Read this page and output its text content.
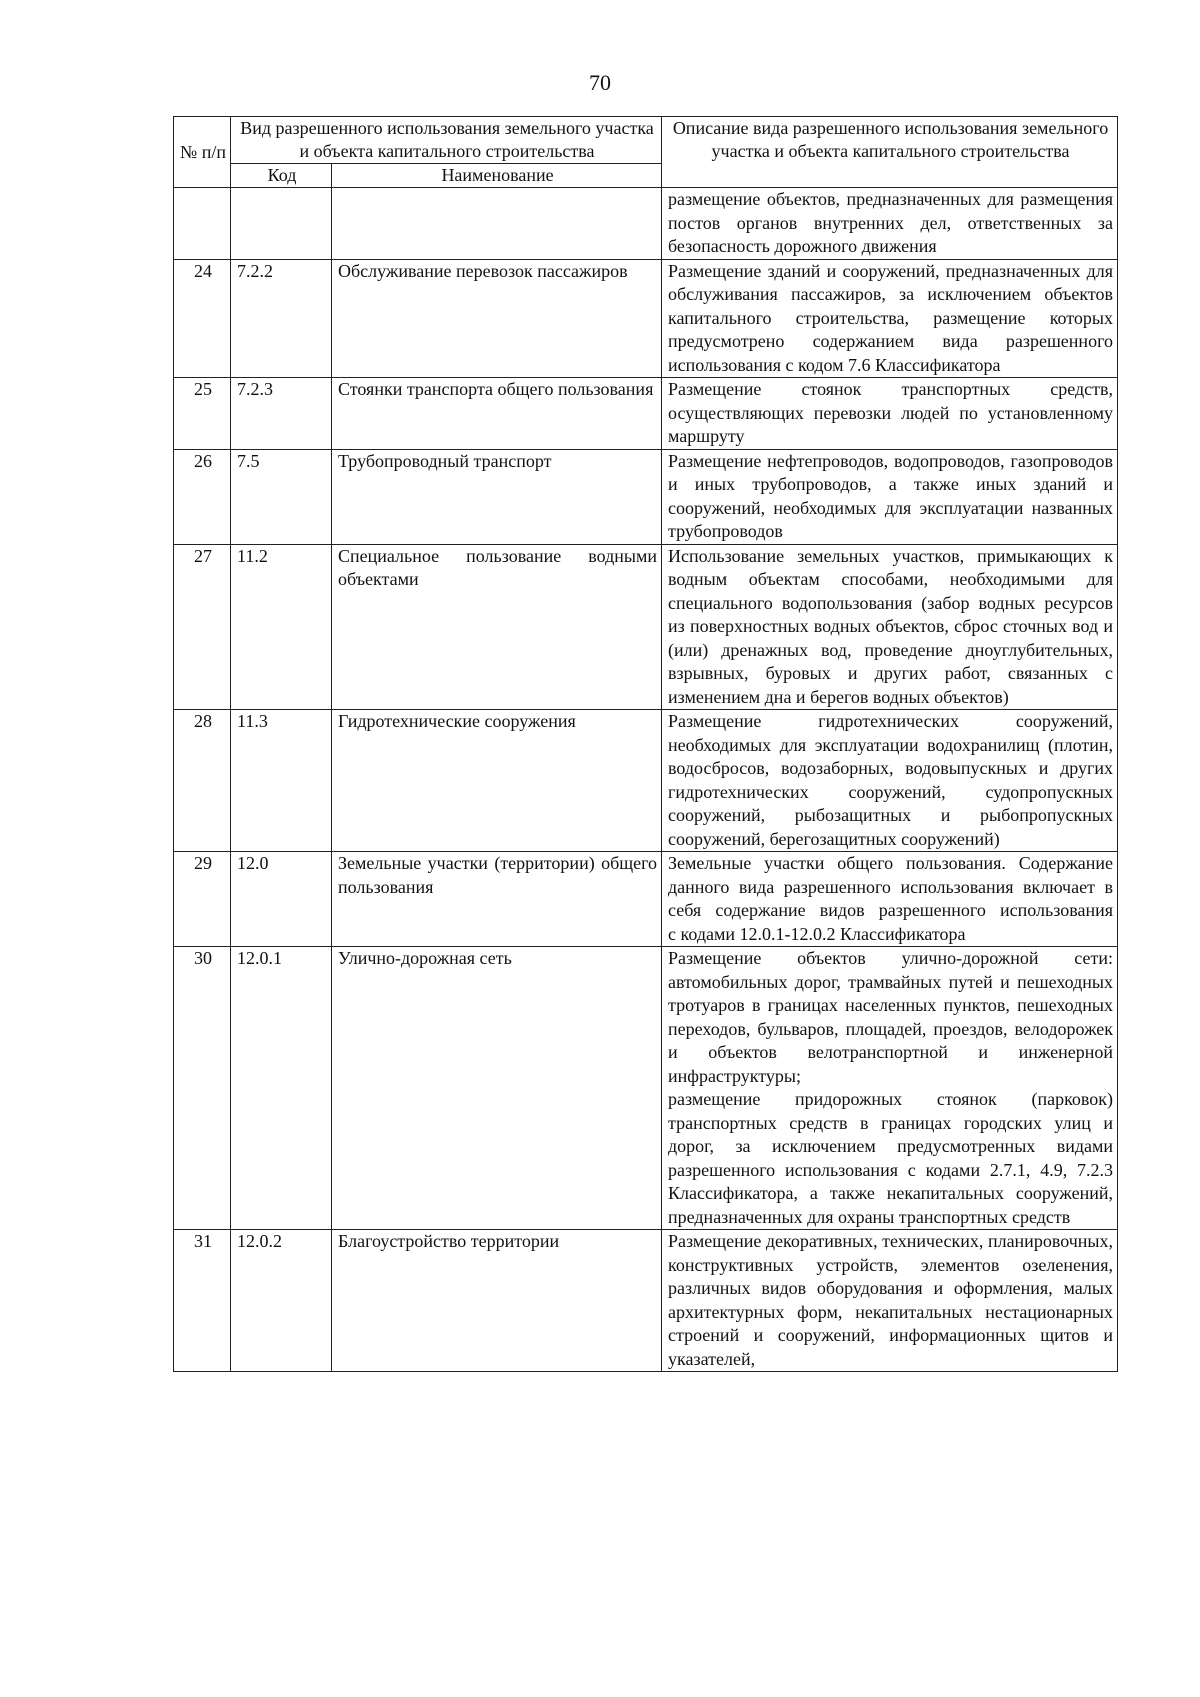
70
№ п/п	Вид разрешенного использования земельного участка и объекта капитального строительства		Описание вида разрешенного использования земельного участка и объекта капитального строительства
	Код	Наименование	

			размещение объектов, предназначенных для размещения постов органов внутренних дел, ответственных за безопасность дорожного движения

24	7.2.2	Обслуживание перевозок пассажиров	Размещение зданий и сооружений, предназначенных для обслуживания пассажиров, за исключением объектов капитального строительства, размещение которых предусмотрено содержанием вида разрешенного использования с кодом 7.6 Классификатора

25	7.2.3	Стоянки транспорта общего пользования	Размещение стоянок транспортных средств, осуществляющих перевозки людей по установленному маршруту

26	7.5	Трубопроводный транспорт	Размещение нефтепроводов, водопроводов, газопроводов и иных трубопроводов, а также иных зданий и сооружений, необходимых для эксплуатации названных трубопроводов

27	11.2	Специальное пользование водными объектами	Использование земельных участков, примыкающих к водным объектам способами, необходимыми для специального водопользования (забор водных ресурсов из поверхностных водных объектов, сброс сточных вод и (или) дренажных вод, проведение дноуглубительных, взрывных, буровых и других работ, связанных с изменением дна и берегов водных объектов)

28	11.3	Гидротехнические сооружения	Размещение гидротехнических сооружений, необходимых для эксплуатации водохранилищ (плотин, водосбросов, водозаборных, водовыпускных и других гидротехнических сооружений, судопропускных сооружений, рыбозащитных и рыбопропускных сооружений, берегозащитных сооружений)

29	12.0	Земельные участки (территории) общего пользования	Земельные участки общего пользования. Содержание данного вида разрешенного использования включает в себя содержание видов разрешенного использования
с кодами 12.0.1-12.0.2 Классификатора

30	12.0.1	Улично-дорожная сеть	Размещение объектов улично-дорожной сети: автомобильных дорог, трамвайных путей и пешеходных тротуаров в границах населенных пунктов, пешеходных переходов, бульваров, площадей, проездов, велодорожек и объектов велотранспортной и инженерной инфраструктуры;
размещение придорожных стоянок (парковок) транспортных средств в границах городских улиц и дорог, за исключением предусмотренных видами разрешенного использования с кодами 2.7.1, 4.9, 7.2.3 Классификатора, а также некапитальных сооружений, предназначенных для охраны транспортных средств

31	12.0.2	Благоустройство территории	Размещение декоративных, технических, планировочных, конструктивных устройств, элементов озеленения, различных видов оборудования и оформления, малых архитектурных форм, некапитальных нестационарных строений и сооружений, информационных щитов и указателей,
